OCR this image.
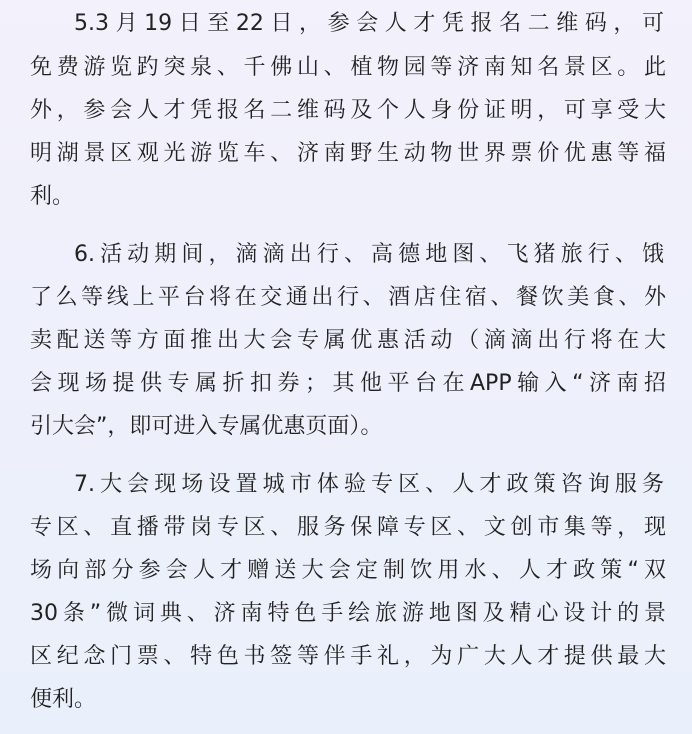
5.3月19日至22日，参会人才凭报名二维码，可
免费游览趵突泉、千佛山、植物园等济南知名景区。此
外，参会人才凭报名二维码及个人身份证明，可享受大
明湖景区观光游览车、济南野生动物世界票价优惠等福
利。
6.活动期间，滴滴出行、高德地图、飞猪旅行、饿
了么等线上平台将在交通出行、酒店住宿、餐饮美食、外
卖配送等方面推出大会专属优惠活动（滴滴出行将在大
会现场提供专属折扣券；其他平台在APP输入“济南招
引大会”，即可进入专属优惠页面）。
7.大会现场设置城市体验专区、人才政策咨询服务
专区、直播带岗专区、服务保障专区、文创市集等，现
场向部分参会人才赠送大会定制饮用水、人才政策“双
30条”微词典、济南特色手绘旅游地图及精心设计的景
区纪念门票、特色书签等伴手礼，为广大人才提供最大
便利。
